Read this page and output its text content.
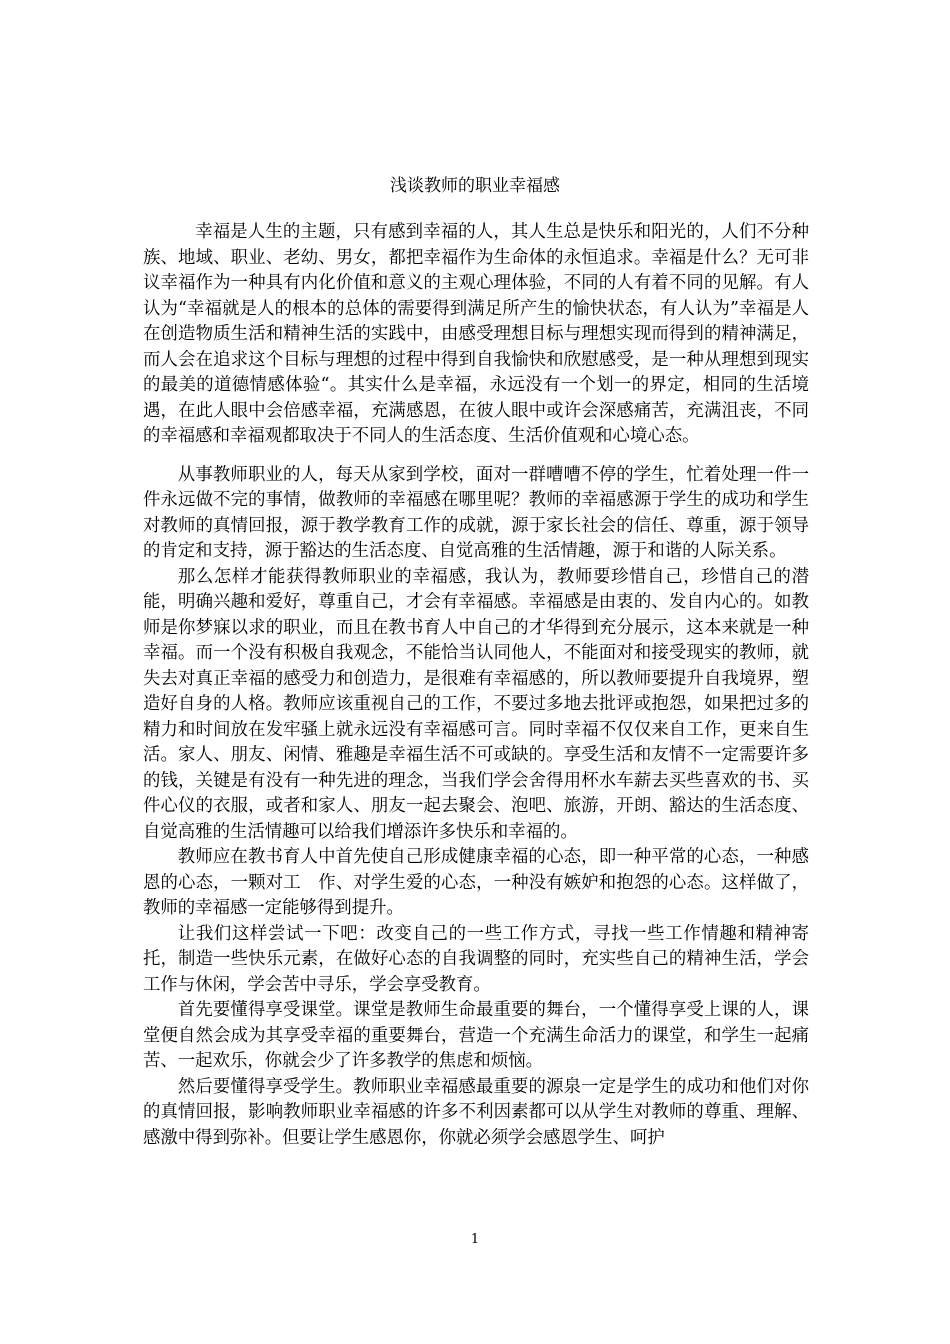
浅谈教师的职业幸福感

幸福是人生的主题，只有感到幸福的人，其人生总是快乐和阳光的，人们不分种族、地域、职业、老幼、男女，都把幸福作为生命体的永恒追求。幸福是什么？无可非议幸福作为一种具有内化价值和意义的主观心理体验，不同的人有着不同的见解。有人认为“幸福就是人的根本的总体的需要得到满足所产生的愉快状态，有人认为”幸福是人在创造物质生活和精神生活的实践中，由感受理想目标与理想实现而得到的精神满足，而人会在追求这个目标与理想的过程中得到自我愉快和欣慰感受，是一种从理想到现实的最美的道德情感体验“。其实什么是幸福，永远没有一个划一的界定，相同的生活境遇，在此人眼中会倍感幸福，充满感恩，在彼人眼中或许会深感痛苦，充满沮丧，不同的幸福感和幸福观都取决于不同人的生活态度、生活价值观和心境心态。

从事教师职业的人，每天从家到学校，面对一群嘈嘈不停的学生，忙着处理一件一件永远做不完的事情，做教师的幸福感在哪里呢？教师的幸福感源于学生的成功和学生对教师的真情回报，源于教学教育工作的成就，源于家长社会的信任、尊重，源于领导的肯定和支持，源于豁达的生活态度、自觉高雅的生活情趣，源于和谐的人际关系。

那么怎样才能获得教师职业的幸福感，我认为，教师要珍惜自己，珍惜自己的潜能，明确兴趣和爱好，尊重自己，才会有幸福感。幸福感是由衷的、发自内心的。如教师是你梦寐以求的职业，而且在教书育人中自己的才华得到充分展示，这本来就是一种幸福。而一个没有积极自我观念，不能恰当认同他人，不能面对和接受现实的教师，就失去对真正幸福的感受力和创造力，是很难有幸福感的，所以教师要提升自我境界，塑造好自身的人格。教师应该重视自己的工作，不要过多地去批评或抱怨，如果把过多的精力和时间放在发牢骚上就永远没有幸福感可言。同时幸福不仅仅来自工作，更来自生活。家人、朋友、闲情、雅趣是幸福生活不可或缺的。享受生活和友情不一定需要许多的钱，关键是有没有一种先进的理念，当我们学会舍得用杯水车薪去买些喜欢的书、买件心仪的衣服，或者和家人、朋友一起去聚会、泡吧、旅游，开朗、豁达的生活态度、自觉高雅的生活情趣可以给我们增添许多快乐和幸福的。

教师应在教书育人中首先使自己形成健康幸福的心态，即一种平常的心态，一种感恩的心态，一颗对工　作、对学生爱的心态，一种没有嫉妒和抱怨的心态。这样做了，教师的幸福感一定能够得到提升。

让我们这样尝试一下吧：改变自己的一些工作方式，寻找一些工作情趣和精神寄托，制造一些快乐元素，在做好心态的自我调整的同时，充实些自己的精神生活，学会工作与休闲，学会苦中寻乐，学会享受教育。

首先要懂得享受课堂。课堂是教师生命最重要的舞台，一个懂得享受上课的人，课堂便自然会成为其享受幸福的重要舞台，营造一个充满生命活力的课堂，和学生一起痛苦、一起欢乐，你就会少了许多教学的焦虑和烦恼。

然后要懂得享受学生。教师职业幸福感最重要的源泉一定是学生的成功和他们对你的真情回报，影响教师职业幸福感的许多不利因素都可以从学生对教师的尊重、理解、感激中得到弥补。但要让学生感恩你，你就必须学会感恩学生、呵护

1
